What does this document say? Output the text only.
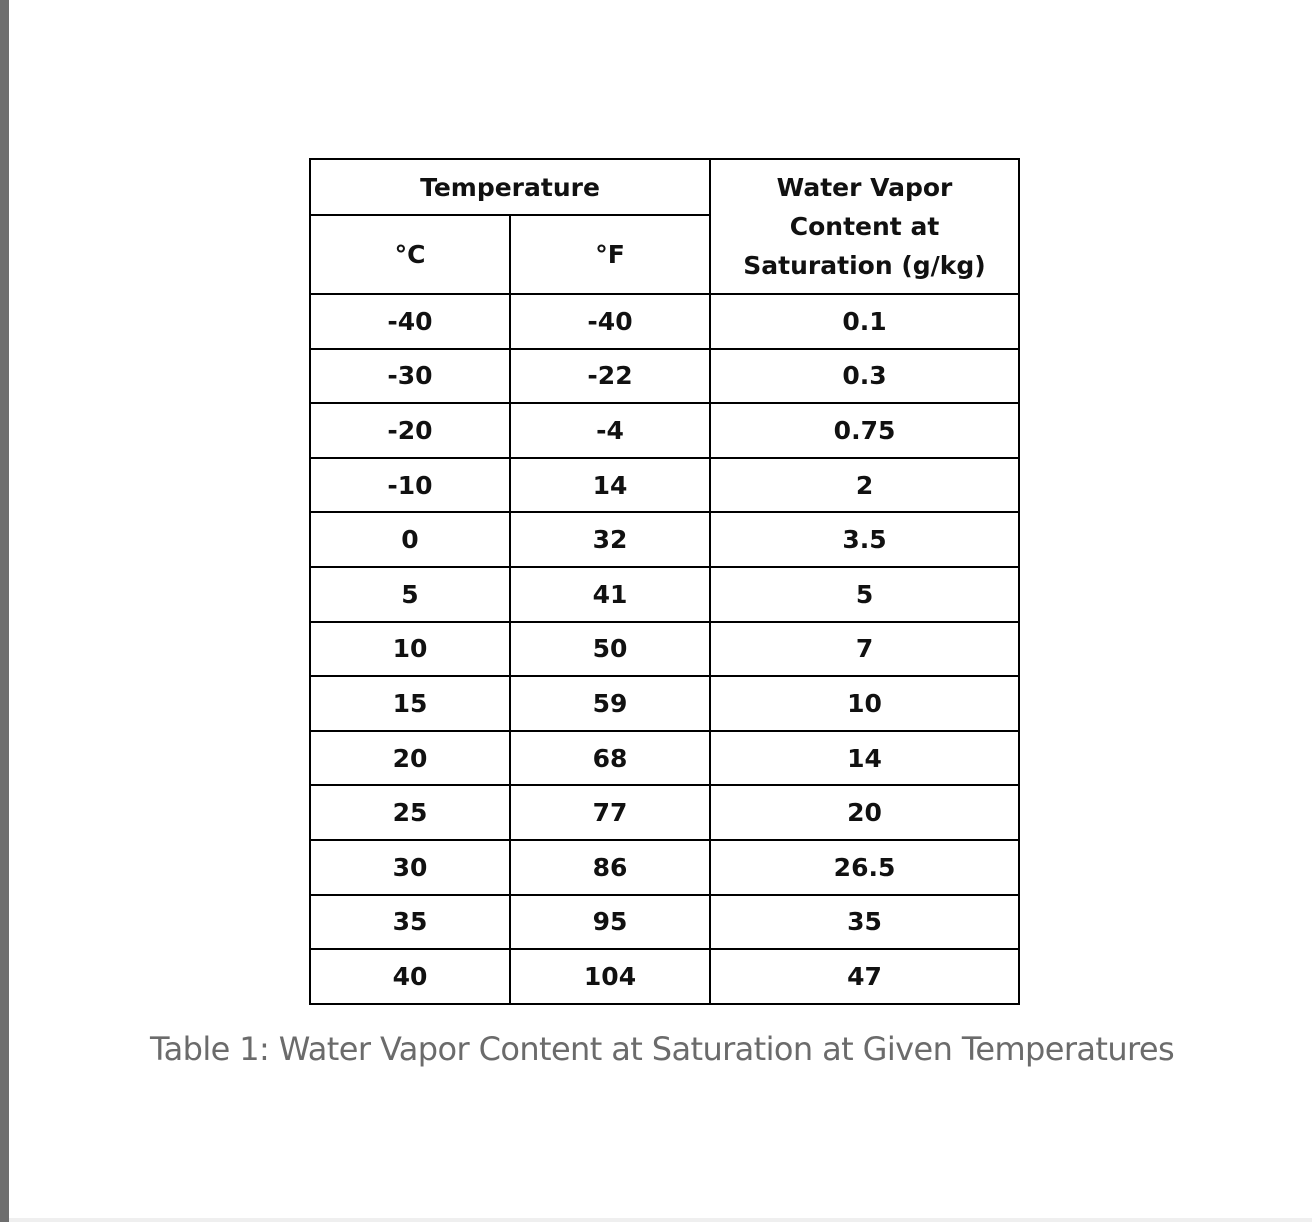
Temperature		Water Vapor
Content at
Saturation (g/kg)

°C	°F	
-40	-40	0.1
-30	-22	0.3
-20	-4	0.75
-10	14	2
0	32	3.5
5	41	5
10	50	7
15	59	10
20	68	14
25	77	20
30	86	26.5
35	95	35
40	104	47
Table 1: Water Vapor Content at Saturation at Given Temperatures
